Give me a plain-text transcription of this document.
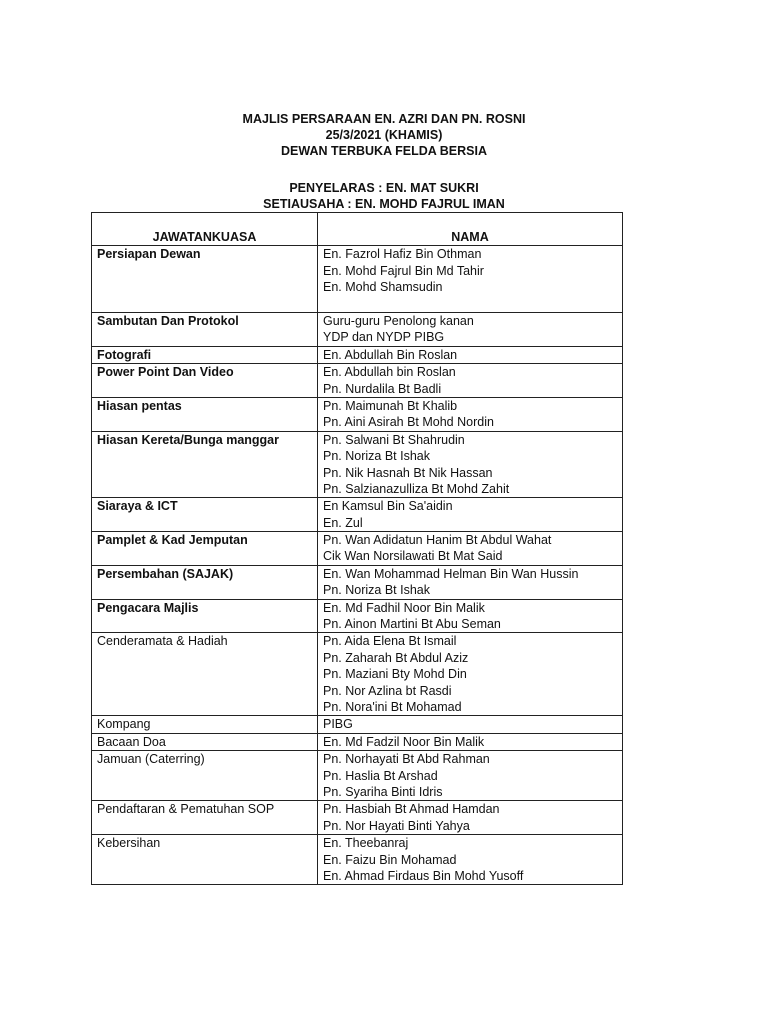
MAJLIS PERSARAAN EN. AZRI DAN PN. ROSNI
25/3/2021 (KHAMIS)
DEWAN TERBUKA FELDA BERSIA
PENYELARAS : EN. MAT SUKRI
SETIAUSAHA : EN. MOHD FAJRUL IMAN
JAWATANKUASA	NAMA
Persiapan Dewan	En. Fazrol Hafiz Bin Othman
En. Mohd Fajrul Bin Md Tahir
En. Mohd Shamsudin

Sambutan Dan Protokol	Guru-guru Penolong kanan
YDP dan NYDP PIBG

Fotografi	En. Abdullah Bin Roslan

Power Point Dan Video	En. Abdullah bin Roslan
Pn. Nurdalila Bt Badli

Hiasan pentas	Pn. Maimunah Bt Khalib
Pn. Aini Asirah Bt Mohd Nordin

Hiasan Kereta/Bunga manggar	Pn. Salwani Bt Shahrudin
Pn. Noriza Bt Ishak
Pn. Nik Hasnah Bt Nik Hassan
Pn. Salzianazulliza Bt Mohd Zahit

Siaraya & ICT	En Kamsul Bin Sa'aidin
En. Zul

Pamplet & Kad Jemputan	Pn. Wan Adidatun Hanim Bt Abdul Wahat
Cik Wan Norsilawati Bt Mat Said

Persembahan (SAJAK)	En. Wan Mohammad Helman Bin Wan Hussin
Pn. Noriza Bt Ishak

Pengacara Majlis	En. Md Fadhil Noor Bin Malik
Pn. Ainon Martini Bt Abu Seman

Cenderamata & Hadiah	Pn. Aida Elena Bt Ismail
Pn. Zaharah Bt Abdul Aziz
Pn. Maziani Bty Mohd Din
Pn. Nor Azlina bt Rasdi
Pn. Nora'ini Bt Mohamad

Kompang	PIBG

Bacaan Doa	En. Md Fadzil Noor Bin Malik

Jamuan (Caterring)	Pn. Norhayati Bt Abd Rahman
Pn. Haslia Bt Arshad
Pn. Syariha Binti Idris

Pendaftaran & Pematuhan SOP	Pn. Hasbiah Bt Ahmad Hamdan
Pn. Nor Hayati Binti Yahya

Kebersihan	En. Theebanraj
En. Faizu Bin Mohamad
En. Ahmad Firdaus Bin Mohd Yusoff
